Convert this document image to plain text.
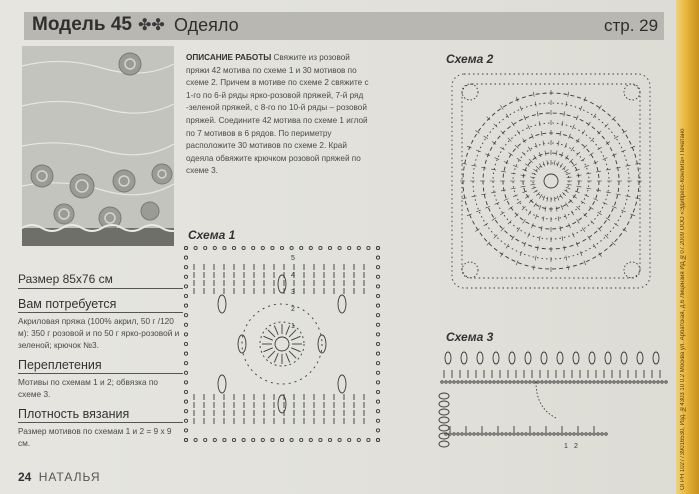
Модель 45 ✤✤ Одеяло	стр. 29
ОПИСАНИЕ РАБОТЫ Свяжите из розовой пряжи 42 мотива по схеме 1 и 30 мотивов по схеме 2. Причем в мотиве по схеме 2 свяжите с 1-го по 6-й ряды ярко-розовой пряжей, 7-й ряд -зеленой пряжей, с 8-го по 10-й ряды – розовой пряжей. Соедините 42 мотива по схеме 1 иглой по 7 мотивов в 6 рядов. По периметру расположите 30 мотивов по схеме 2. Край одеяла обвяжите крючком розовой пряжей по схеме 3.
Размер 85x76 см
Вам потребуется
Акриловая пряжа (100% акрил, 50 г /120 м): 350 г розовой и по 50 г ярко-розовой и зеленой; крючок №3.
Переплетения
Мотивы по схемам 1 и 2; обвязка по схеме 3.
Плотность вязания
Размер мотивов по схемам 1 и 2 = 9 x 9 см.
Схема 1
Схема 2
Схема 3
5
4
3
2
1
1 2
24 НАТАЛЬЯ	ОГРН 1027739016530, Изд. №4303 10 0.2 Москва ул. Арбатская, д.6 Лицензия ИД №07.2009 ООО «Эдипресс-Конлига» Печатано
